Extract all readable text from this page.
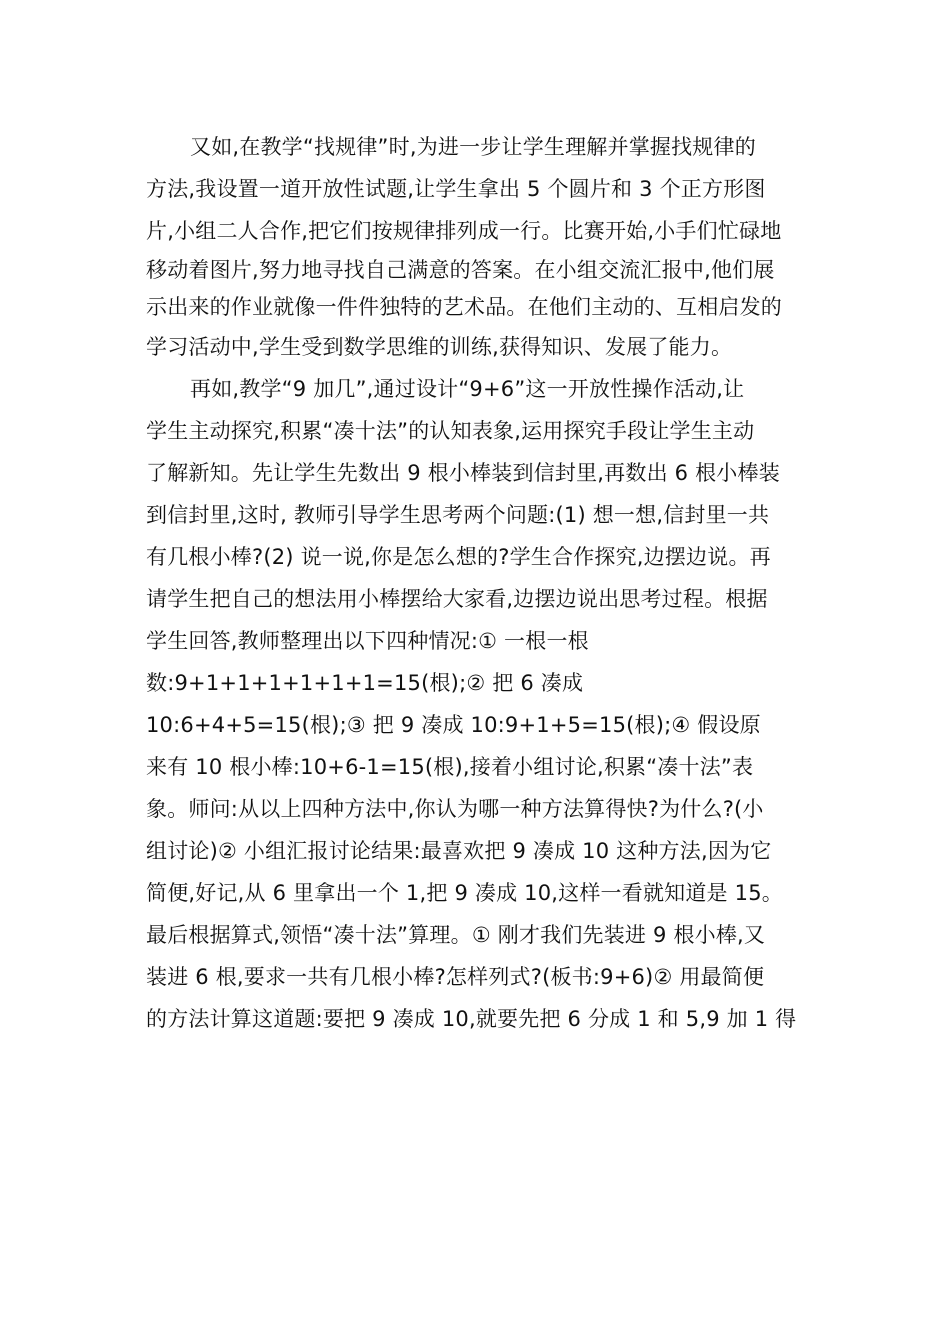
又如,在教学“找规律”时,为进一步让学生理解并掌握找规律的
方法,我设置一道开放性试题,让学生拿出 5 个圆片和 3 个正方形图
片,小组二人合作,把它们按规律排列成一行。比赛开始,小手们忙碌地
移动着图片,努力地寻找自己满意的答案。在小组交流汇报中,他们展
示出来的作业就像一件件独特的艺术品。在他们主动的、互相启发的
学习活动中,学生受到数学思维的训练,获得知识、发展了能力。
再如,教学“9 加几”,通过设计“9+6”这一开放性操作活动,让
学生主动探究,积累“凑十法”的认知表象,运用探究手段让学生主动
了解新知。先让学生先数出 9 根小棒装到信封里,再数出 6 根小棒装
到信封里,这时, 教师引导学生思考两个问题:(1) 想一想,信封里一共
有几根小棒?(2) 说一说,你是怎么想的?学生合作探究,边摆边说。再
请学生把自己的想法用小棒摆给大家看,边摆边说出思考过程。根据
学生回答,教师整理出以下四种情况:① 一根一根
数:9+1+1+1+1+1+1=15(根);② 把 6 凑成
10:6+4+5=15(根);③ 把 9 凑成 10:9+1+5=15(根);④ 假设原
来有 10 根小棒:10+6-1=15(根),接着小组讨论,积累“凑十法”表
象。师问:从以上四种方法中,你认为哪一种方法算得快?为什么?(小
组讨论)② 小组汇报讨论结果:最喜欢把 9 凑成 10 这种方法,因为它
简便,好记,从 6 里拿出一个 1,把 9 凑成 10,这样一看就知道是 15。
最后根据算式,领悟“凑十法”算理。① 刚才我们先装进 9 根小棒,又
装进 6 根,要求一共有几根小棒?怎样列式?(板书:9+6)② 用最简便
的方法计算这道题:要把 9 凑成 10,就要先把 6 分成 1 和 5,9 加 1 得
